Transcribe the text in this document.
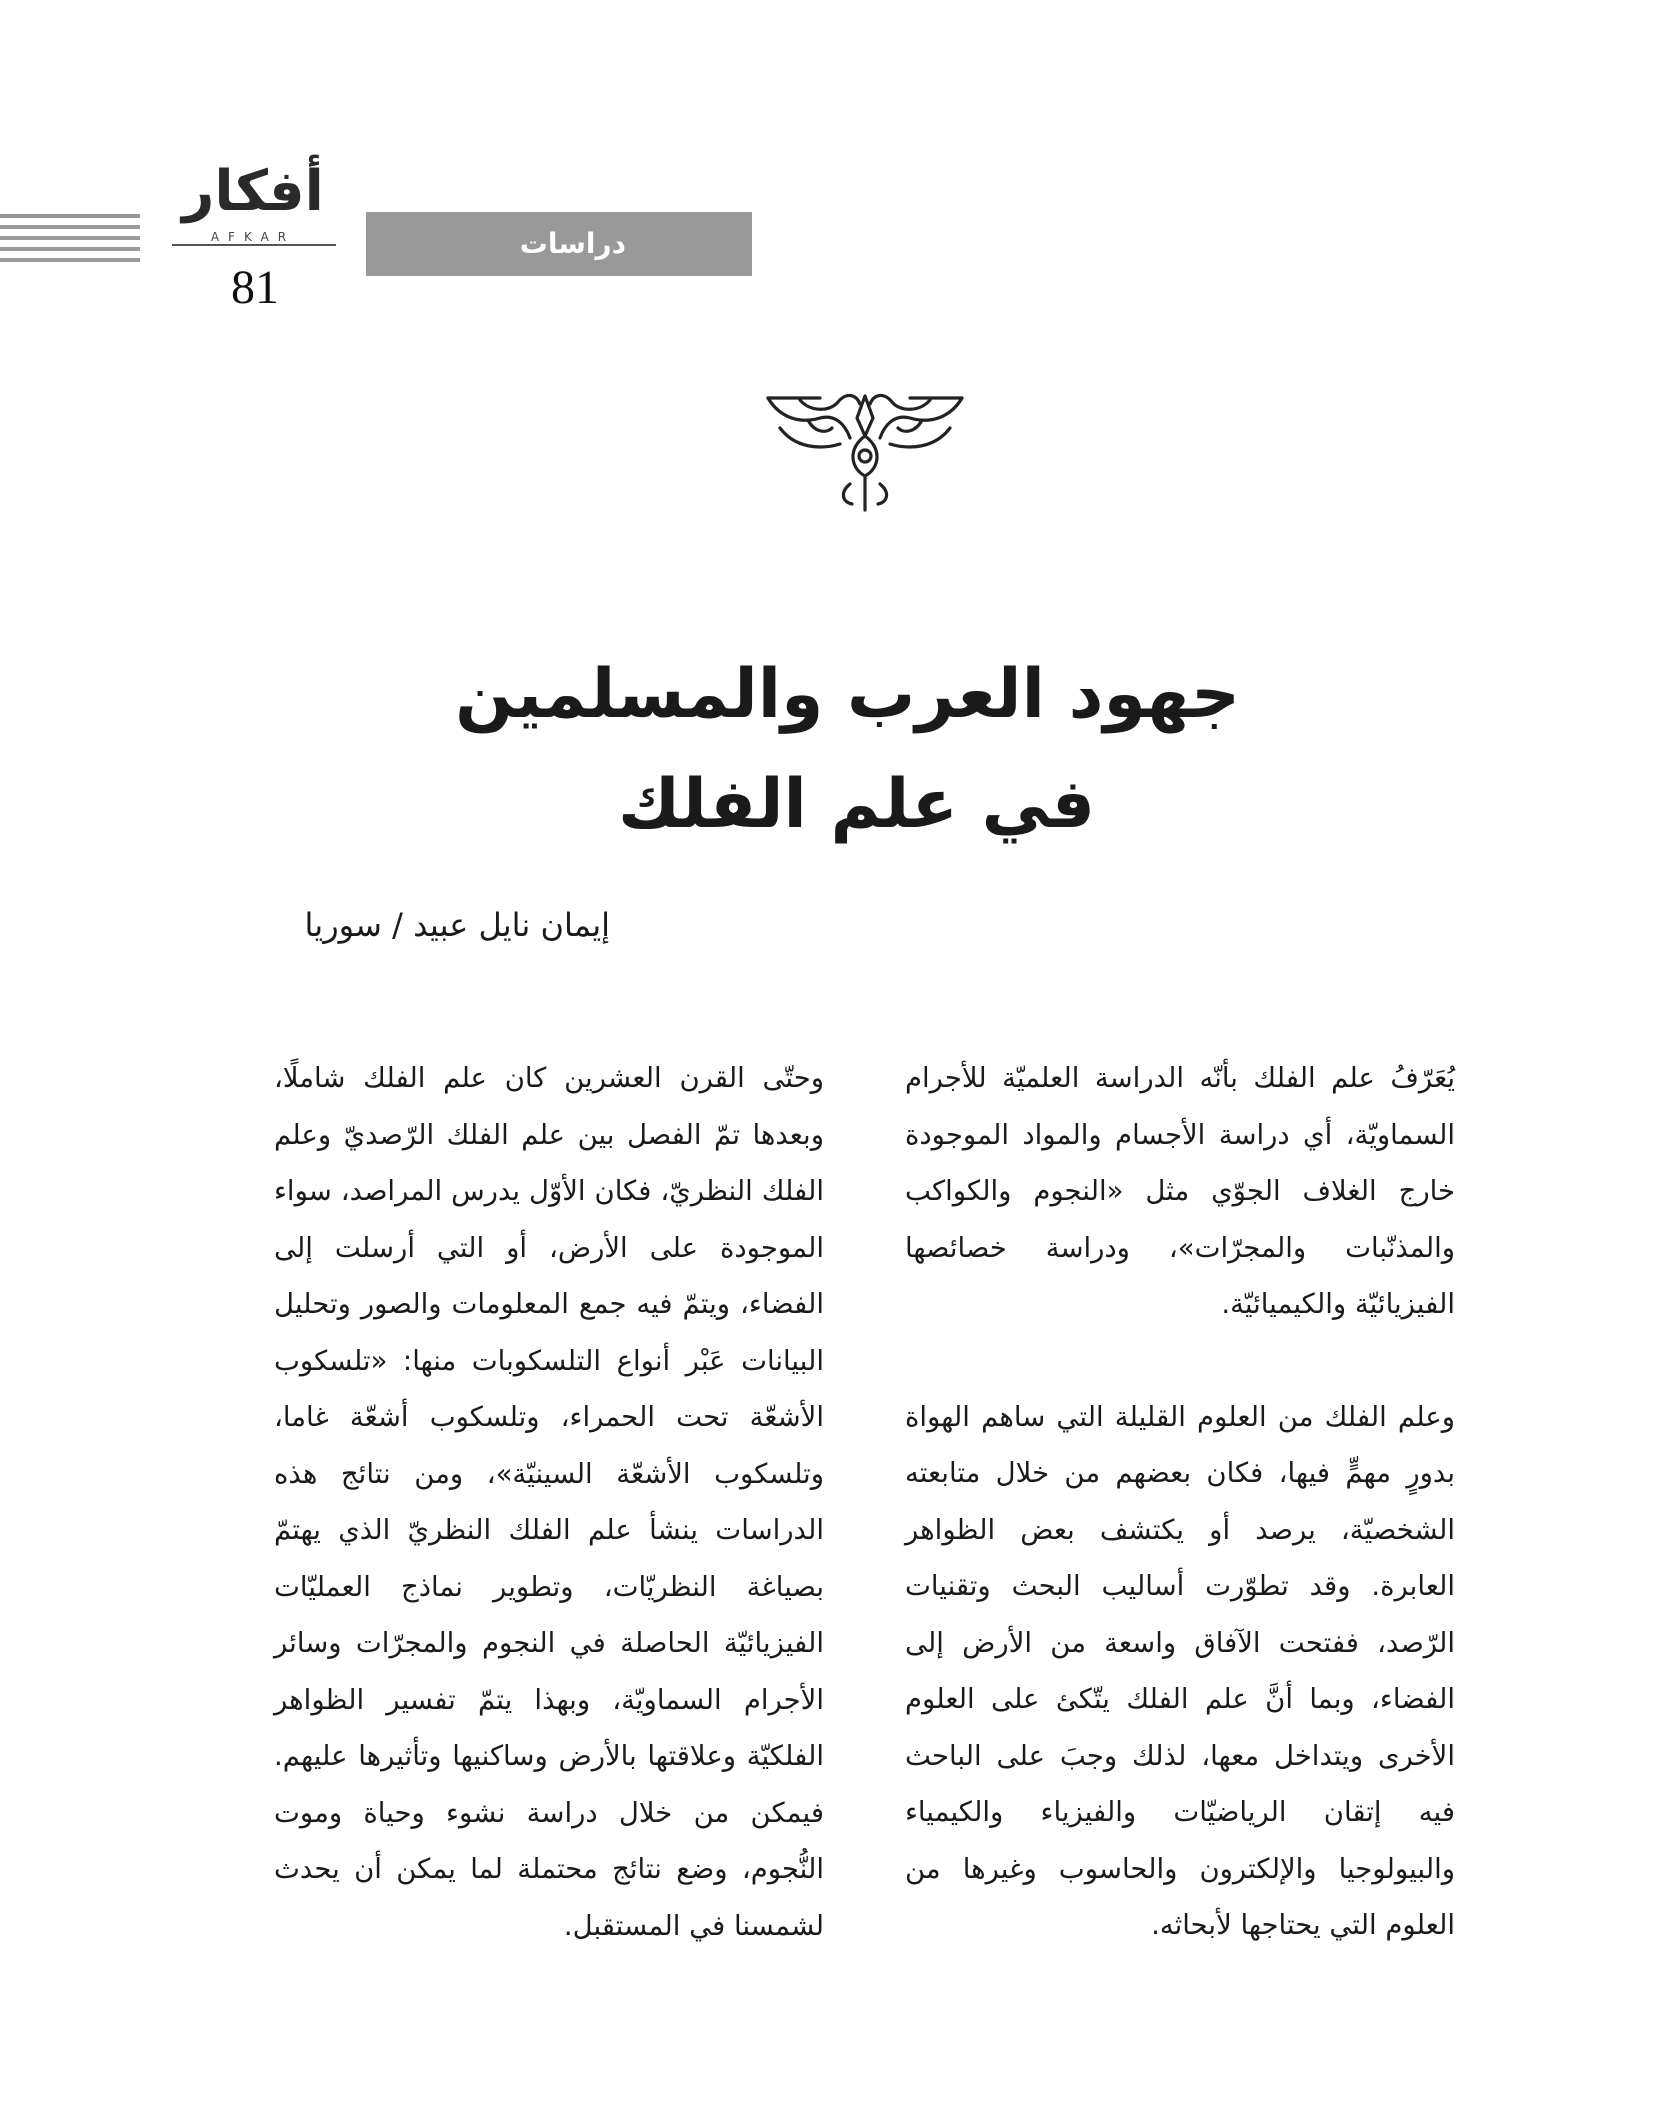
أفكار
AFKAR
81
دراسات
جهود العرب والمسلمين
في علم الفلك
إيمان نايل عبيد / سوريا

يُعَرّفُ علم الفلك بأنّه الدراسة العلميّة للأجرام السماويّة، أي دراسة الأجسام والمواد الموجودة خارج الغلاف الجوّي مثل «النجوم والكواكب والمذنّبات والمجرّات»، ودراسة خصائصها الفيزيائيّة والكيميائيّة.

وعلم الفلك من العلوم القليلة التي ساهم الهواة بدورٍ مهمٍّ فيها، فكان بعضهم من خلال متابعته الشخصيّة، يرصد أو يكتشف بعض الظواهر العابرة. وقد تطوّرت أساليب البحث وتقنيات الرّصد، ففتحت الآفاق واسعة من الأرض إلى الفضاء، وبما أنَّ علم الفلك يتّكئ على العلوم الأخرى ويتداخل معها، لذلك وجبَ على الباحث فيه إتقان الرياضيّات والفيزياء والكيمياء والبيولوجيا والإلكترون والحاسوب وغيرها من العلوم التي يحتاجها لأبحاثه.

وحتّى القرن العشرين كان علم الفلك شاملًا، وبعدها تمّ الفصل بين علم الفلك الرّصديّ وعلم الفلك النظريّ، فكان الأوّل يدرس المراصد، سواء الموجودة على الأرض، أو التي أرسلت إلى الفضاء، ويتمّ فيه جمع المعلومات والصور وتحليل البيانات عَبْر أنواع التلسكوبات منها: «تلسكوب الأشعّة تحت الحمراء، وتلسكوب أشعّة غاما، وتلسكوب الأشعّة السينيّة»، ومن نتائج هذه الدراسات ينشأ علم الفلك النظريّ الذي يهتمّ بصياغة النظريّات، وتطوير نماذج العمليّات الفيزيائيّة الحاصلة في النجوم والمجرّات وسائر الأجرام السماويّة، وبهذا يتمّ تفسير الظواهر الفلكيّة وعلاقتها بالأرض وساكنيها وتأثيرها عليهم. فيمكن من خلال دراسة نشوء وحياة وموت النُّجوم، وضع نتائج محتملة لما يمكن أن يحدث لشمسنا في المستقبل.
